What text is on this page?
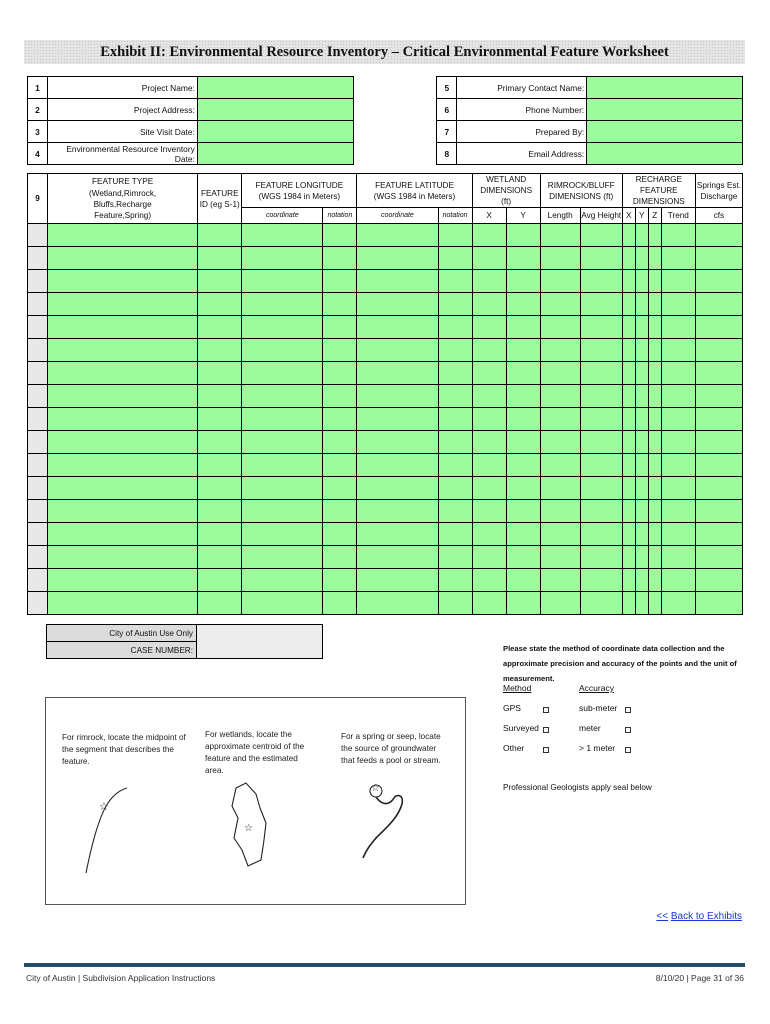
Exhibit II: Environmental Resource Inventory – Critical Environmental Feature Worksheet
1	Project Name:			5	Primary Contact Name:	
2	Project Address:			6	Phone Number:	
3	Site Visit Date:			7	Prepared By:	
4	Environmental Resource Inventory Date:			8	Email Address:	
9	FEATURE TYPE (Wetland,Rimrock, Bluffs,Recharge Feature,Spring)	FEATURE ID (eg S-1)	FEATURE LONGITUDE (WGS 1984 in Meters)		FEATURE LATITUDE (WGS 1984 in Meters)		WETLAND DIMENSIONS (ft)		RIMROCK/BLUFF DIMENSIONS (ft)		RECHARGE FEATURE DIMENSIONS				Springs Est. Discharge
			coordinate	notation	coordinate	notation	X	Y	Length	Avg Height	X	Y	Z	Trend	cfs

City of Austin Use Only	
CASE NUMBER:	Please state the method of coordinate data collection and the approximate precision and accuracy of the points and the unit of measurement.
Method	Accuracy
GPS	sub-meter
Surveyed	meter
Other	> 1 meter
Professional Geologists apply seal below
For rimrock, locate the midpoint of the segment that describes the feature.
For wetlands, locate the approximate centroid of the feature and the estimated area.
For a spring or seep, locate the source of groundwater that feeds a pool or stream.
☆
☆
☆
<< Back to Exhibits
City of Austin | Subdivision Application Instructions	8/10/20 | Page 31 of 36
